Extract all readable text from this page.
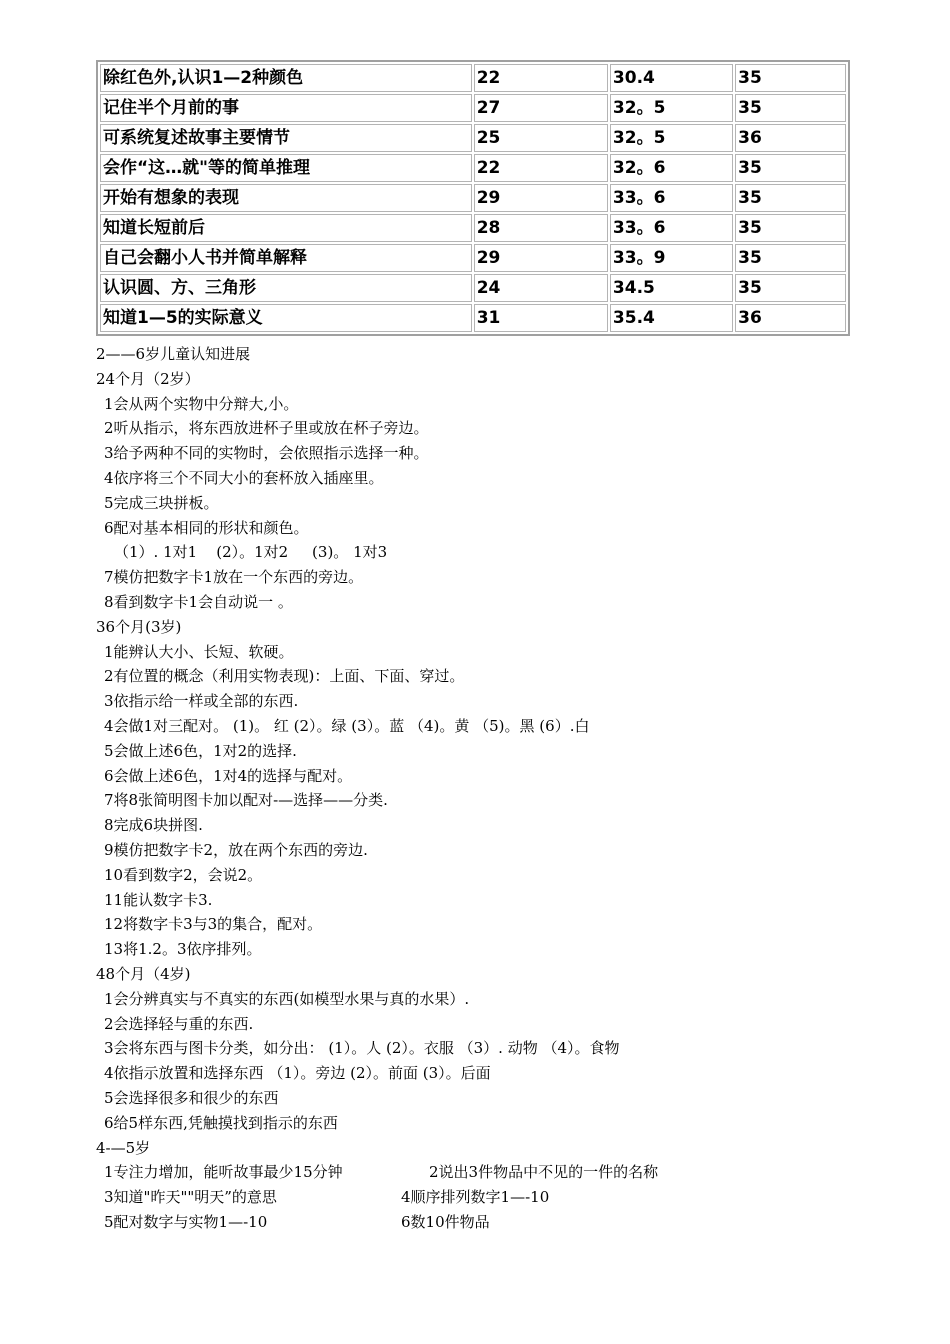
除红色外,认识1—2种颜色	22	30.4	35
记住半个月前的事	27	32。5	35
可系统复述故事主要情节	25	32。5	36
会作“这…就"等的简单推理	22	32。6	35
开始有想象的表现	29	33。6	35
知道长短前后	28	33。6	35
自己会翻小人书并简单解释	29	33。9	35
认识圆、方、三角形	24	34.5	35
知道1—5的实际意义	31	35.4	36
2——6岁儿童认知进展
24个月（2岁）
1会从两个实物中分辩大,小。
2听从指示，将东西放进杯子里或放在杯子旁边。
3给予两种不同的实物时，会依照指示选择一种。
4依序将三个不同大小的套杯放入插座里。
5完成三块拼板。
6配对基本相同的形状和颜色。
（1）. 1对1    (2）。1对2     (3)。 1对3
7模仿把数字卡1放在一个东西的旁边。
8看到数字卡1会自动说一 。
36个月(3岁)
1能辨认大小、长短、软硬。
2有位置的概念（利用实物表现)：上面、下面、穿过。
3依指示给一样或全部的东西.
4会做1对三配对。 (1)。 红 (2）。绿 (3）。蓝 （4)。黄 （5)。黑 (6）.白
5会做上述6色，1对2的选择.
6会做上述6色，1对4的选择与配对。
7将8张简明图卡加以配对-—选择——分类.
8完成6块拼图.
9模仿把数字卡2，放在两个东西的旁边.
10看到数字2，会说2。
11能认数字卡3.
12将数字卡3与3的集合，配对。
13将1.2。3依序排列。
48个月（4岁)
1会分辨真实与不真实的东西(如模型水果与真的水果）.
2会选择轻与重的东西.
3会将东西与图卡分类，如分出： (1）。人 (2）。衣服 （3）. 动物 （4）。食物
4依指示放置和选择东西 （1）。旁边 (2）。前面 (3）。后面
5会选择很多和很少的东西
6给5样东西,凭触摸找到指示的东西
4-—5岁
1专注力增加，能听故事最少15分钟	2说出3件物品中不见的一件的名称
3知道"昨天""明天”的意思	4顺序排列数字1—-10
5配对数字与实物1—-10	6数10件物品
